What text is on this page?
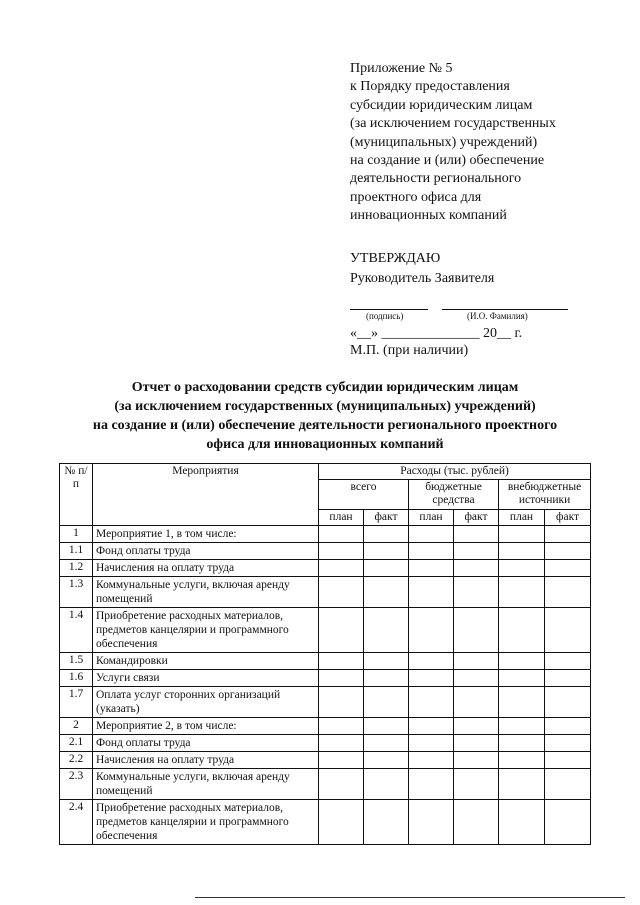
Приложение № 5
к Порядку предоставления
субсидии юридическим лицам
(за исключением государственных
(муниципальных) учреждений)
на создание и (или) обеспечение
деятельности регионального
проектного офиса для
инновационных компаний
УТВЕРЖДАЮ
Руководитель Заявителя
(подпись)	(И.О. Фамилия)
«__» ______________ 20__ г.
М.П. (при наличии)
Отчет о расходовании средств субсидии юридическим лицам
(за исключением государственных (муниципальных) учреждений)
на создание и (или) обеспечение деятельности регионального проектного
офиса для инновационных компаний
№ п/п	Мероприятия	Расходы (тыс. рублей)					
		всего		бюджетные средства		внебюджетные источники	
		план	факт	план	факт	план	факт
1	Мероприятие 1, в том числе:						
1.1	Фонд оплаты труда						
1.2	Начисления на оплату труда						
1.3	Коммунальные услуги, включая аренду помещений						
1.4	Приобретение расходных материалов, предметов канцелярии и программного обеспечения						
1.5	Командировки						
1.6	Услуги связи						
1.7	Оплата услуг сторонних организаций (указать)						
2	Мероприятие 2, в том числе:						
2.1	Фонд оплаты труда						
2.2	Начисления на оплату труда						
2.3	Коммунальные услуги, включая аренду помещений						
2.4	Приобретение расходных материалов, предметов канцелярии и программного обеспечения						
